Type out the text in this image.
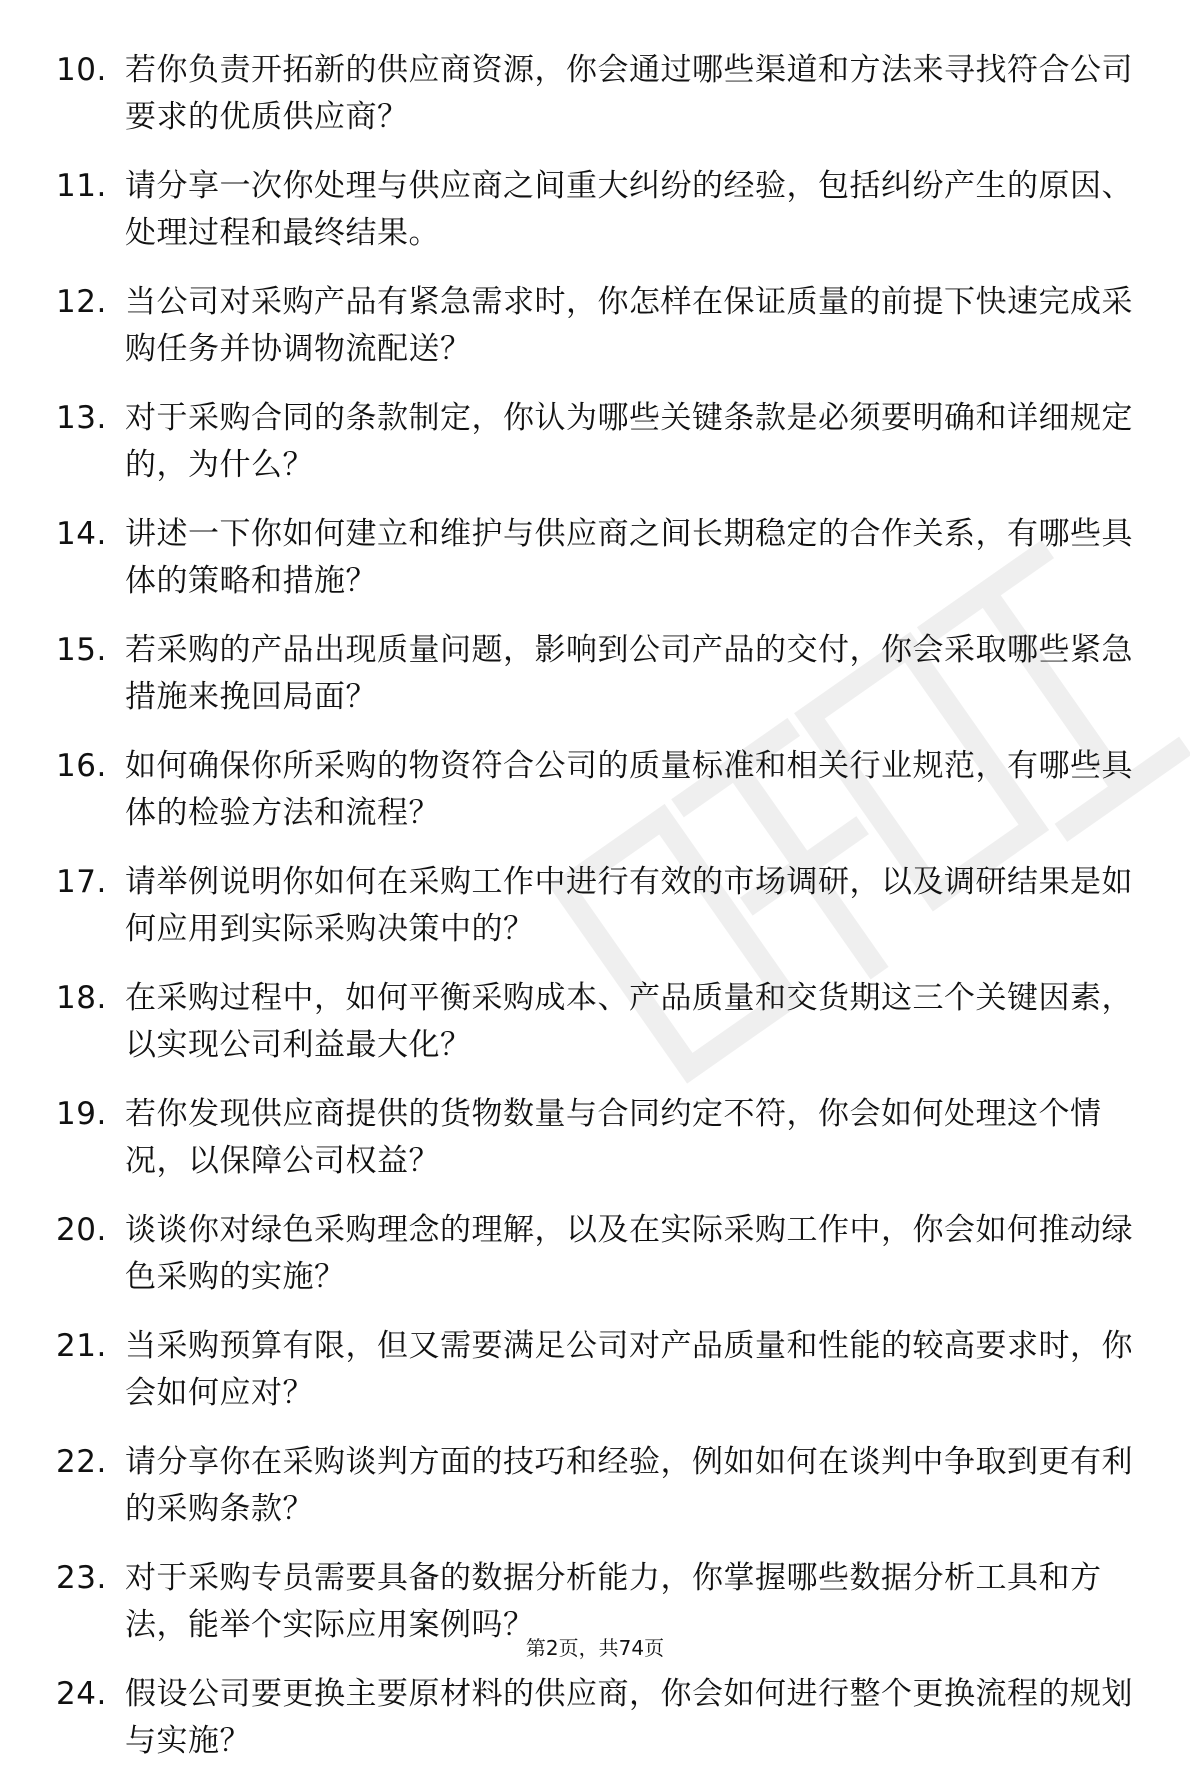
10. 若你负责开拓新的供应商资源，你会通过哪些渠道和方法来寻找符合公司要求的优质供应商？
11. 请分享一次你处理与供应商之间重大纠纷的经验，包括纠纷产生的原因、处理过程和最终结果。
12. 当公司对采购产品有紧急需求时，你怎样在保证质量的前提下快速完成采购任务并协调物流配送？
13. 对于采购合同的条款制定，你认为哪些关键条款是必须要明确和详细规定的，为什么？
14. 讲述一下你如何建立和维护与供应商之间长期稳定的合作关系，有哪些具体的策略和措施？
15. 若采购的产品出现质量问题，影响到公司产品的交付，你会采取哪些紧急措施来挽回局面？
16. 如何确保你所采购的物资符合公司的质量标准和相关行业规范，有哪些具体的检验方法和流程？
17. 请举例说明你如何在采购工作中进行有效的市场调研，以及调研结果是如何应用到实际采购决策中的？
18. 在采购过程中，如何平衡采购成本、产品质量和交货期这三个关键因素，以实现公司利益最大化？
19. 若你发现供应商提供的货物数量与合同约定不符，你会如何处理这个情况，以保障公司权益？
20. 谈谈你对绿色采购理念的理解，以及在实际采购工作中，你会如何推动绿色采购的实施？
21. 当采购预算有限，但又需要满足公司对产品质量和性能的较高要求时，你会如何应对？
22. 请分享你在采购谈判方面的技巧和经验，例如如何在谈判中争取到更有利的采购条款？
23. 对于采购专员需要具备的数据分析能力，你掌握哪些数据分析工具和方法，能举个实际应用案例吗？
24. 假设公司要更换主要原材料的供应商，你会如何进行整个更换流程的规划与实施？
第2页，共74页
